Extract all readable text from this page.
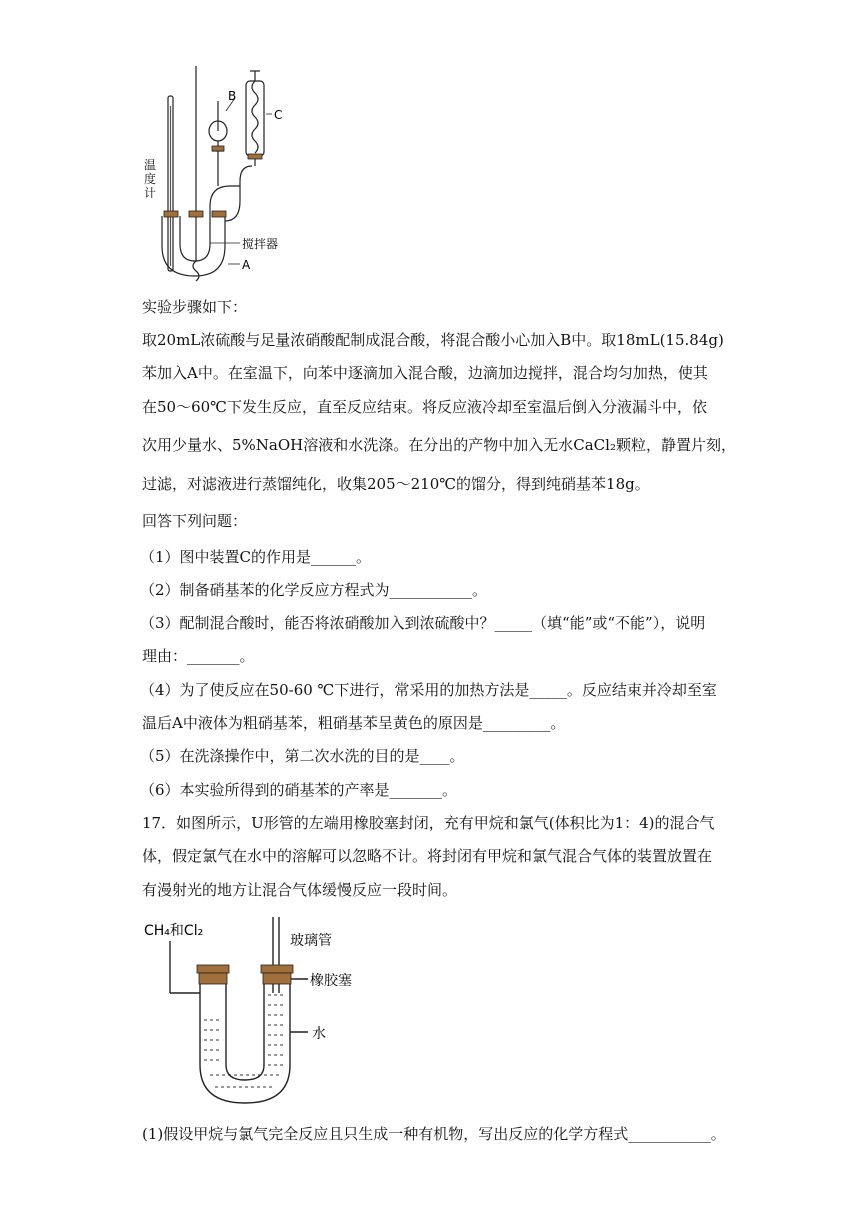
B
C
搅拌器
A
温度计
实验步骤如下：
取20mL浓硫酸与足量浓硝酸配制成混合酸，将混合酸小心加入B中。取18mL(15.84g)
苯加入A中。在室温下，向苯中逐滴加入混合酸，边滴加边搅拌，混合均匀加热，使其
在50～60℃下发生反应，直至反应结束。将反应液冷却至室温后倒入分液漏斗中，依
次用少量水、5%NaOH溶液和水洗涤。在分出的产物中加入无水CaCl₂颗粒，静置片刻，
过滤，对滤液进行蒸馏纯化，收集205～210℃的馏分，得到纯硝基苯18g。
回答下列问题：
（1）图中装置C的作用是______。
（2）制备硝基苯的化学反应方程式为___________。
（3）配制混合酸时，能否将浓硝酸加入到浓硫酸中？_____（填“能”或“不能”），说明
理由：_______。
（4）为了使反应在50-60 ℃下进行，常采用的加热方法是_____。反应结束并冷却至室
温后A中液体为粗硝基苯，粗硝基苯呈黄色的原因是_________。
（5）在洗涤操作中，第二次水洗的目的是____。
（6）本实验所得到的硝基苯的产率是_______。
17．如图所示，U形管的左端用橡胶塞封闭，充有甲烷和氯气(体积比为1：4)的混合气
体，假定氯气在水中的溶解可以忽略不计。将封闭有甲烷和氯气混合气体的装置放置在
有漫射光的地方让混合气体缓慢反应一段时间。
CH₄和Cl₂
玻璃管
橡胶塞
水
(1)假设甲烷与氯气完全反应且只生成一种有机物，写出反应的化学方程式___________。
